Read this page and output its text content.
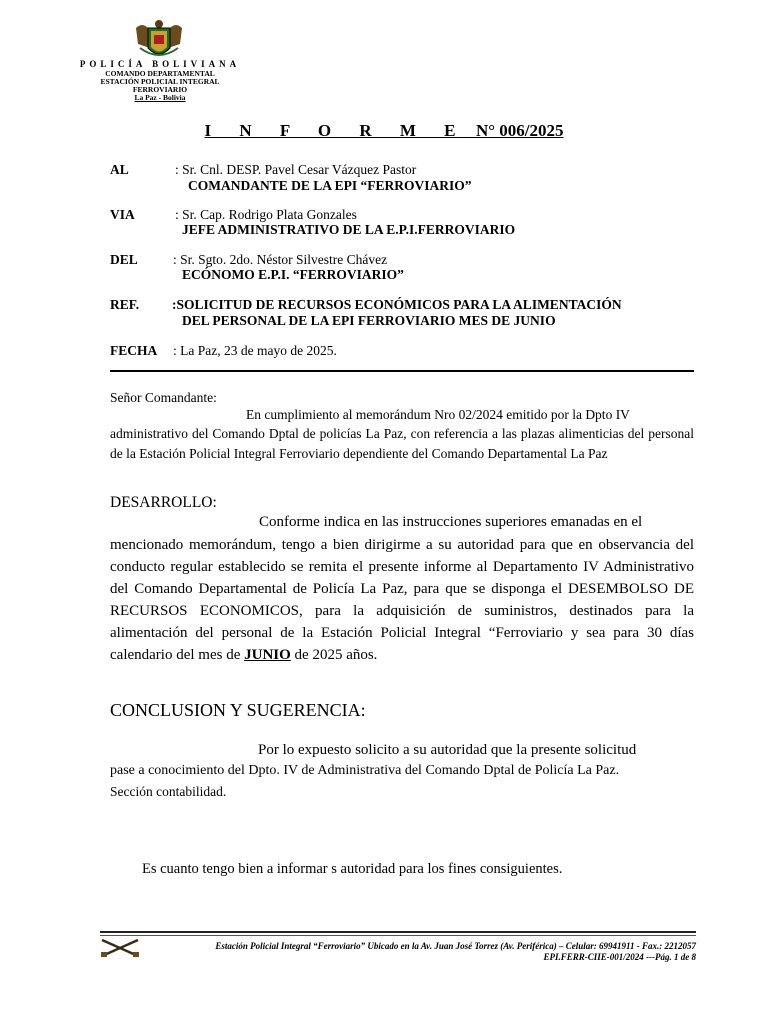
POLICÍA BOLIVIANA
COMANDO DEPARTAMENTAL
ESTACIÓN POLICIAL INTEGRAL
FERROVIARIO
La Paz - Bolivia
I N F O R M E N° 006/2025
AL	: Sr. Cnl. DESP. Pavel Cesar Vázquez Pastor
COMANDANTE DE LA EPI “FERROVIARIO”
VIA	: Sr. Cap. Rodrigo Plata Gonzales
JEFE ADMINISTRATIVO DE LA E.P.I.FERROVIARIO
DEL	: Sr. Sgto. 2do. Néstor Silvestre Chávez
ECÓNOMO E.P.I. “FERROVIARIO”
REF. :SOLICITUD DE RECURSOS ECONÓMICOS PARA LA ALIMENTACIÓN
DEL PERSONAL DE LA EPI FERROVIARIO MES DE JUNIO
FECHA : La Paz, 23 de mayo de 2025.
Señor Comandante:
En cumplimiento al memorándum Nro 02/2024 emitido por la Dpto IV
administrativo del Comando Dptal de policías La Paz, con referencia a las plazas alimenticias del personal de la Estación Policial Integral Ferroviario dependiente del Comando Departamental La Paz
DESARROLLO:
Conforme indica en las instrucciones superiores emanadas en el
mencionado memorándum, tengo a bien dirigirme a su autoridad para que en observancia del conducto regular establecido se remita el presente informe al Departamento IV Administrativo del Comando Departamental de Policía La Paz, para que se disponga el DESEMBOLSO DE RECURSOS ECONOMICOS, para la adquisición de suministros, destinados para la alimentación del personal de la Estación Policial Integral “Ferroviario y sea para 30 días calendario del mes de JUNIO de 2025 años.
CONCLUSION Y SUGERENCIA:
Por lo expuesto solicito a su autoridad que la presente solicitud
pase a conocimiento del Dpto. IV de Administrativa del Comando Dptal de Policía La Paz.
Sección contabilidad.
Es cuanto tengo bien a informar s autoridad para los fines consiguientes.
Estación Policial Integral “Ferroviario” Ubicado en la Av. Juan José Torrez (Av. Periférica) – Celular: 69941911 - Fax.: 2212057
EPI.FERR-CIIE-001/2024 ---Pág. 1 de 8
